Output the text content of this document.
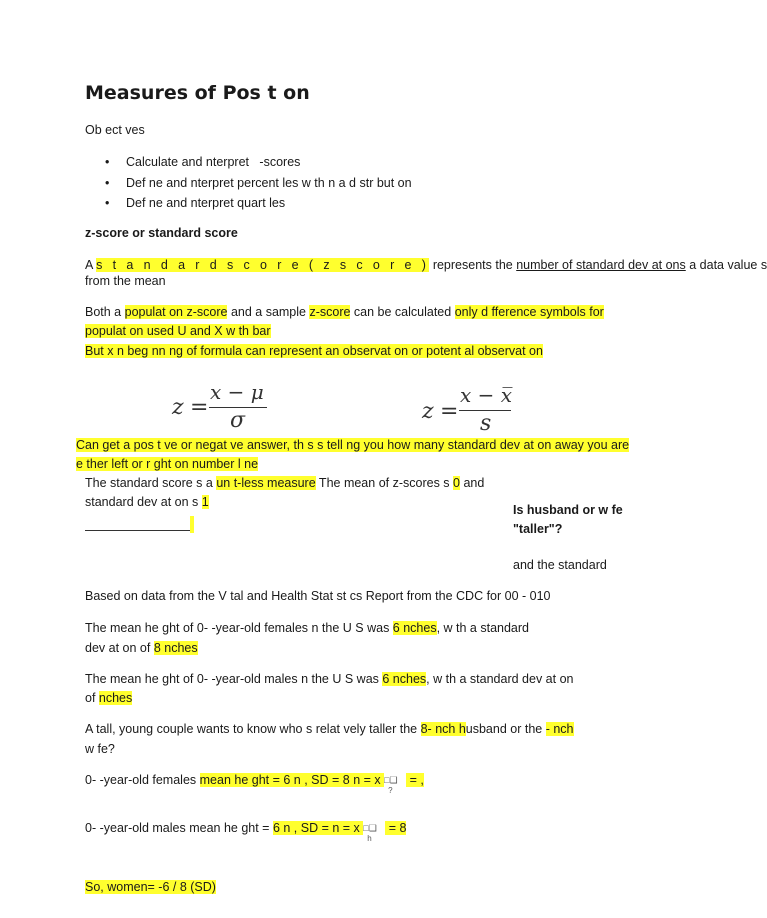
Measures of Pos t on
Ob ect ves
• Calculate and nterpret  -scores
• Def ne and nterpret percent les w th n a d str but on
• Def ne and nterpret quart les
z-score or standard score
A s t a n d a r d s c o r e ( z s c o r e ) represents the number of standard dev at ons a data value s
from the mean
Both a populat on z-score and a sample z-score can be calculated only d fference symbols for
populat on used U and X w th bar
But x n beg nn ng of formula can represent an observat on or potent al observat on
z =
x − μ
σ	z =
x − x̅
s
Can get a pos t ve or negat ve answer, th s s tell ng you how many standard dev at on away you are
e ther left or r ght on number l ne
The standard score s a un t-less measure The mean of z-scores s 0 and
standard dev at on s 1
Is husband or w fe
"taller"?
and the standard
Based on data from the V tal and Health Stat st cs Report from the CDC for 00 - 010
The mean he ght of 0- -year-old females n the U S was 6 nches, w th a standard
dev at on of 8 nches
The mean he ght of 0- -year-old males n the U S was 6 nches, w th a standard dev at on
of nches
A tall, young couple wants to know who s relat vely taller the 8- nch husband or the - nch
w fe?
0- -year-old females mean he ght = 6 n , SD = 8 n = x □❑
?
= ,
0- -year-old males mean he ght = 6 n , SD = n = x □❑
h
= 8
So, women= -6 / 8 (SD)
